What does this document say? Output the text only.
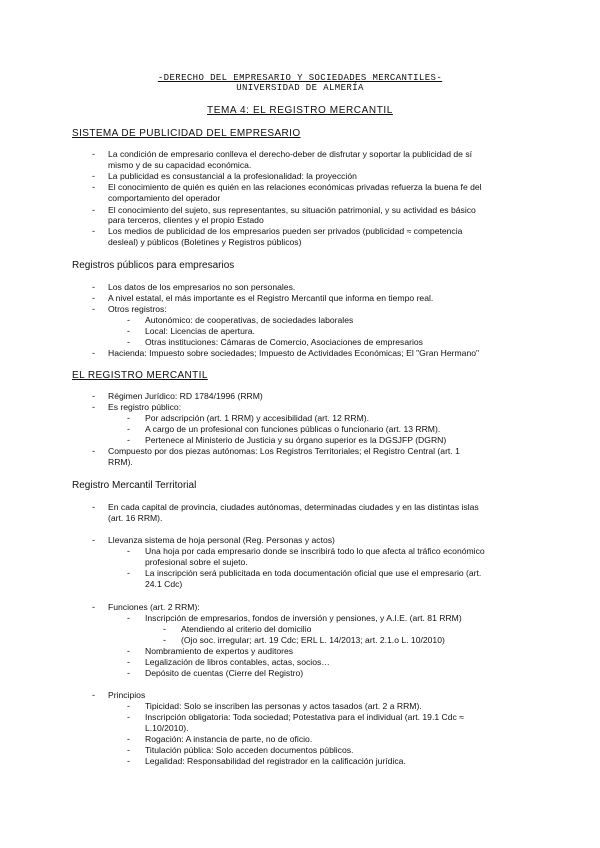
-DERECHO DEL EMPRESARIO Y SOCIEDADES MERCANTILES-
UNIVERSIDAD DE ALMERÍA
TEMA 4: EL REGISTRO MERCANTIL
SISTEMA DE PUBLICIDAD DEL EMPRESARIO
- La condición de empresario conlleva el derecho-deber de disfrutar y soportar la publicidad de sí
mismo y de su capacidad económica.
- La publicidad es consustancial a la profesionalidad: la proyección
- El conocimiento de quién es quién en las relaciones económicas privadas refuerza la buena fe del
comportamiento del operador
- El conocimiento del sujeto, sus representantes, su situación patrimonial, y su actividad es básico
para terceros, clientes y el propio Estado
- Los medios de publicidad de los empresarios pueden ser privados (publicidad ≈ competencia
desleal) y públicos (Boletines y Registros públicos)
Registros públicos para empresarios
- Los datos de los empresarios no son personales.
- A nivel estatal, el más importante es el Registro Mercantil que informa en tiempo real.
- Otros registros:
- Autonómico: de cooperativas, de sociedades laborales
- Local: Licencias de apertura.
- Otras instituciones: Cámaras de Comercio, Asociaciones de empresarios
- Hacienda: Impuesto sobre sociedades; Impuesto de Actividades Económicas; El "Gran Hermano"
EL REGISTRO MERCANTIL
- Régimen Jurídico: RD 1784/1996 (RRM)
- Es registro público:
- Por adscripción (art. 1 RRM) y accesibilidad (art. 12 RRM).
- A cargo de un profesional con funciones públicas o funcionario (art. 13 RRM).
- Pertenece al Ministerio de Justicia y su órgano superior es la DGSJFP (DGRN)
- Compuesto por dos piezas autónomas: Los Registros Territoriales; el Registro Central (art. 1
RRM).
Registro Mercantil Territorial
- En cada capital de provincia, ciudades autónomas, determinadas ciudades y en las distintas islas
(art. 16 RRM).
- Llevanza sistema de hoja personal (Reg. Personas y actos)
- Una hoja por cada empresario donde se inscribirá todo lo que afecta al tráfico económico
profesional sobre el sujeto.
- La inscripción será publicitada en toda documentación oficial que use el empresario (art.
24.1 Cdc)
- Funciones (art. 2 RRM):
- Inscripción de empresarios, fondos de inversión y pensiones, y A.I.E. (art. 81 RRM)
- Atendiendo al criterio del domicilio
- (Ojo soc. irregular; art. 19 Cdc; ERL L. 14/2013; art. 2.1.o L. 10/2010)
- Nombramiento de expertos y auditores
- Legalización de libros contables, actas, socios…
- Depósito de cuentas (Cierre del Registro)
- Principios
- Tipicidad: Solo se inscriben las personas y actos tasados (art. 2 a RRM).
- Inscripción obligatoria: Toda sociedad; Potestativa para el individual (art. 19.1 Cdc ≈
L.10/2010).
- Rogación: A instancia de parte, no de oficio.
- Titulación pública: Solo acceden documentos públicos.
- Legalidad: Responsabilidad del registrador en la calificación jurídica.
